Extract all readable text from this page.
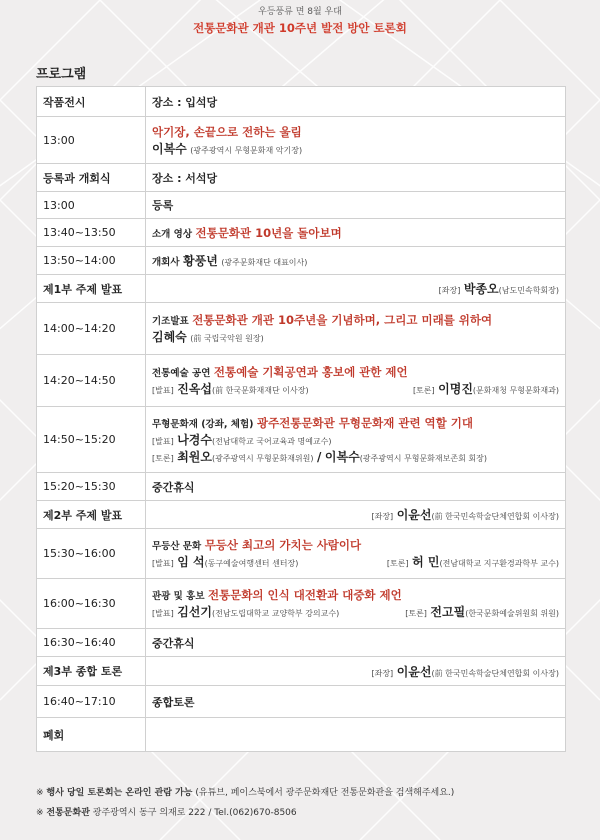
우등풍류 면 8월 우대
전통문화관 개관 10주년 발전 방안 토론회
프로그램
작품전시	장소 : 입석당
13:00	악기장, 손끝으로 전하는 울림
이복수 (광주광역시 무형문화재 악기장)

등록과 개회식	장소 : 서석당
13:00	등록
13:40~13:50	소개 영상 전통문화관 10년을 돌아보며
13:50~14:00	개회사 황풍년 (광주문화재단 대표이사)
제1부 주제 발표	[좌장] 박종오(남도민속학회장)
14:00~14:20	기조발표 전통문화관 개관 10주년을 기념하며, 그리고 미래를 위하여
김혜숙 (前 국립국악원 원장)

14:20~14:50	전통예술 공연 전통예술 기획공연과 홍보에 관한 제언
[발표] 진옥섭(前 한국문화재재단 이사장) [토론] 이명진(문화재청 무형문화재과)

14:50~15:20	무형문화재 (강좌, 체험) 광주전통문화관 무형문화재 관련 역할 기대
[발표] 나경수(전남대학교 국어교육과 명예교수)
[토론] 최원오(광주광역시 무형문화재위원) / 이복수(광주광역시 무형문화재보존회 회장)

15:20~15:30	중간휴식
제2부 주제 발표	[좌장] 이윤선(前 한국민속학술단체연합회 이사장)
15:30~16:00	무등산 문화 무등산 최고의 가치는 사람이다
[발표] 임 석(동구예술여행센터 센터장) [토론] 허 민(전남대학교 지구환경과학부 교수)

16:00~16:30	관광 및 홍보 전통문화의 인식 대전환과 대중화 제언
[발표] 김선기(전남도립대학교 교양학부 강의교수) [토론] 전고필(한국문화예술위원회 위원)

16:30~16:40	중간휴식
제3부 종합 토론	[좌장] 이윤선(前 한국민속학술단체연합회 이사장)
16:40~17:10	종합토론
폐회	
※ 행사 당일 토론회는 온라인 관람 가능 (유튜브, 페이스북에서 광주문화재단 전통문화관을 검색해주세요.)
※ 전통문화관 광주광역시 동구 의재로 222 / Tel.(062)670-8506
